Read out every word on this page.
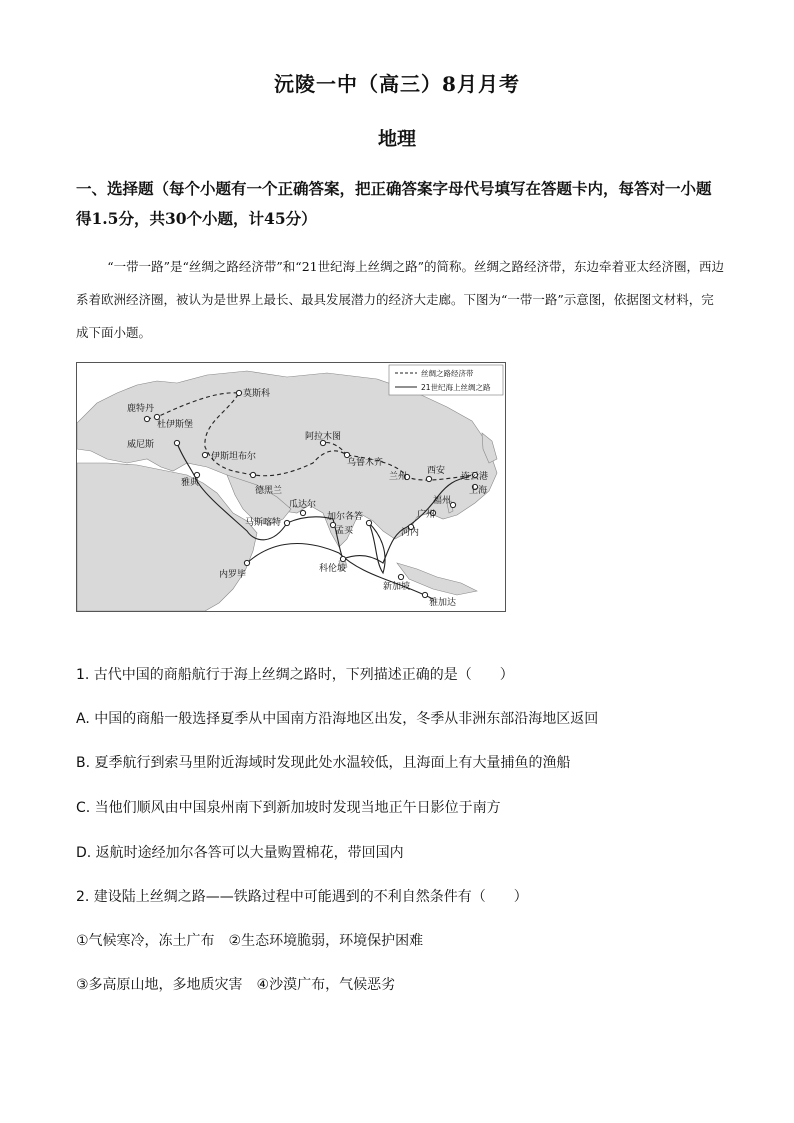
沅陵一中（高三）8月月考
地理
一、选择题（每个小题有一个正确答案，把正确答案字母代号填写在答题卡内，每答对一小题得1.5分，共30个小题，计45分）
“一带一路”是“丝绸之路经济带”和“21世纪海上丝绸之路”的简称。丝绸之路经济带，东边牵着亚太经济圈，西边系着欧洲经济圈，被认为是世界上最长、最具发展潜力的经济大走廊。下图为“一带一路”示意图，依据图文材料，完成下面小题。
丝绸之路经济带
21世纪海上丝绸之路
莫斯科
鹿特丹
杜伊斯堡
威尼斯
伊斯坦布尔
雅典
德黑兰
阿拉木图
乌鲁木齐
兰州
西安
连云港
上海
福州
广州
河内
瓜达尔
马斯喀特
加尔各答
孟买
科伦坡
内罗毕
新加坡
雅加达
1. 古代中国的商船航行于海上丝绸之路时，下列描述正确的是（　　）
A. 中国的商船一般选择夏季从中国南方沿海地区出发，冬季从非洲东部沿海地区返回
B. 夏季航行到索马里附近海域时发现此处水温较低，且海面上有大量捕鱼的渔船
C. 当他们顺风由中国泉州南下到新加坡时发现当地正午日影位于南方
D. 返航时途经加尔各答可以大量购置棉花，带回国内
2. 建设陆上丝绸之路——铁路过程中可能遇到的不利自然条件有（　　）
①气候寒冷，冻土广布　②生态环境脆弱，环境保护困难
③多高原山地，多地质灾害　④沙漠广布，气候恶劣
